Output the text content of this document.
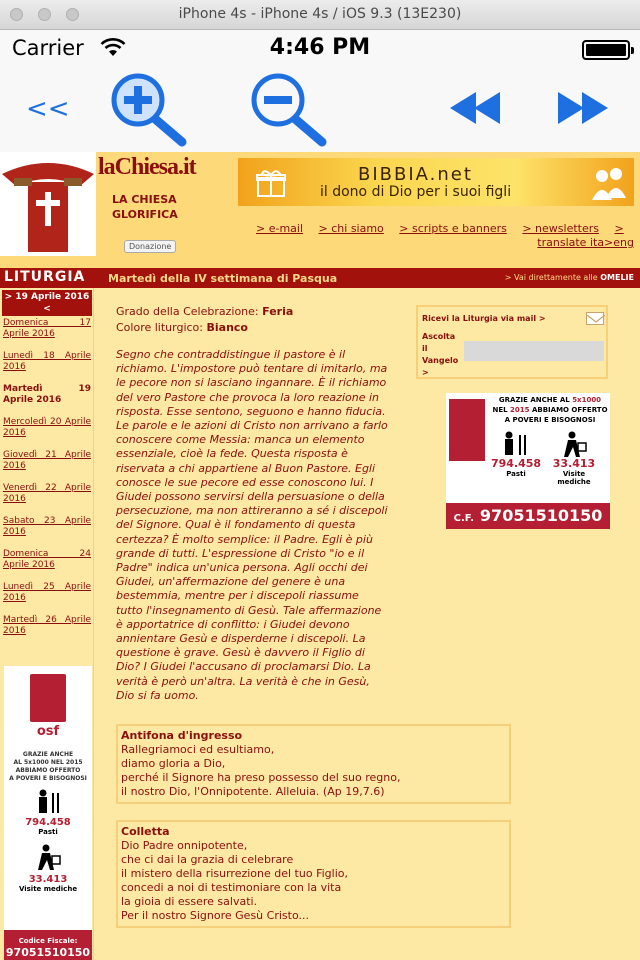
iPhone 4s - iPhone 4s / iOS 9.3 (13E230)
Carrier	4:46 PM
<<
laChiesa.it
LA CHIESA
GLORIFICA
Donazione
BIBBIA.net
il dono di Dio per i suoi figli
> e-mail > chi siamo > scripts e banners > newsletters >
translate ita>eng
LITURGIA Martedì della IV settimana di Pasqua	> Vai direttamente alle OMELIE
> 19 Aprile 2016
<
Domenica 17 Aprile 2016
Lunedì 18 Aprile 2016
Martedì 19 Aprile 2016
Mercoledì 20 Aprile 2016
Giovedì 21 Aprile 2016
Venerdì 22 Aprile 2016
Sabato 23 Aprile 2016
Domenica 24 Aprile 2016
Lunedì 25 Aprile 2016
Martedì 26 Aprile 2016
osf
GRAZIE ANCHE
AL 5x1000 NEL 2015
ABBIAMO OFFERTO
A POVERI E BISOGNOSI
794.458
Pasti
33.413
Visite mediche
Codice Fiscale:
97051510150
Grado della Celebrazione: Feria
Colore liturgico: Bianco

Segno che contraddistingue il pastore è il richiamo. L'impostore può tentare di imitarlo, ma le pecore non si lasciano ingannare. È il richiamo del vero Pastore che provoca la loro reazione in risposta. Esse sentono, seguono e hanno fiducia. Le parole e le azioni di Cristo non arrivano a farlo conoscere come Messia: manca un elemento essenziale, cioè la fede. Questa risposta è riservata a chi appartiene al Buon Pastore. Egli conosce le sue pecore ed esse conoscono lui. I Giudei possono servirsi della persuasione o della persecuzione, ma non attireranno a sé i discepoli del Signore. Qual è il fondamento di questa certezza? È molto semplice: il Padre. Egli è più grande di tutti. L'espressione di Cristo "io e il Padre" indica un'unica persona. Agli occhi dei Giudei, un'affermazione del genere è una bestemmia, mentre per i discepoli riassume tutto l'insegnamento di Gesù. Tale affermazione è apportatrice di conflitto: i Giudei devono annientare Gesù e disperderne i discepoli. La questione è grave. Gesù è davvero il Figlio di Dio? I Giudei l'accusano di proclamarsi Dio. La verità è però un'altra. La verità è che in Gesù, Dio si fa uomo.

Antifona d'ingresso
Rallegriamoci ed esultiamo,
diamo gloria a Dio,
perché il Signore ha preso possesso del suo regno,
il nostro Dio, l'Onnipotente. Alleluia. (Ap 19,7.6)
Colletta
Dio Padre onnipotente,
che ci dai la grazia di celebrare
il mistero della risurrezione del tuo Figlio,
concedi a noi di testimoniare con la vita
la gioia di essere salvati.
Per il nostro Signore Gesù Cristo...
Ricevi la Liturgia via mail >
Ascolta
il
Vangelo
>
osf
GRAZIE ANCHE AL 5x1000
NEL 2015 ABBIAMO OFFERTO
A POVERI E BISOGNOSI
794.458
Pasti
33.413
Visite mediche
C.F. 97051510150
